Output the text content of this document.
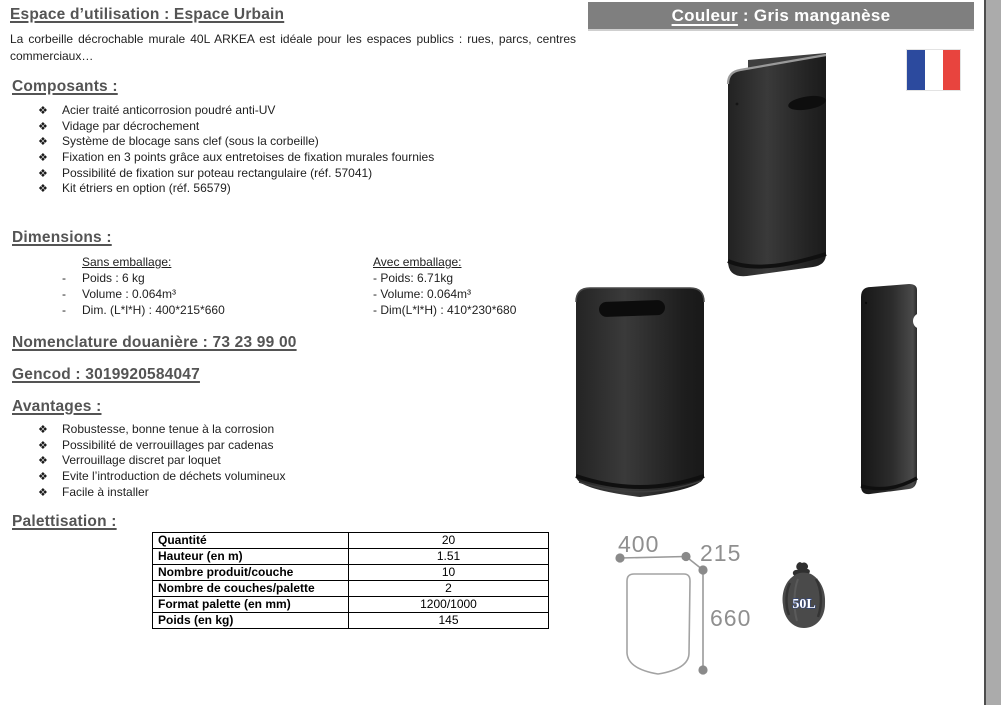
Espace d’utilisation : Espace Urbain
La corbeille décrochable murale 40L ARKEA est idéale pour les espaces publics : rues, parcs, centres commerciaux…
Composants :
❖ Acier traité anticorrosion poudré anti-UV
❖ Vidage par décrochement
❖ Système de blocage sans clef (sous la corbeille)
❖ Fixation en 3 points grâce aux entretoises de fixation murales fournies
❖ Possibilité de fixation sur poteau rectangulaire (réf. 57041)
❖ Kit étriers en option (réf. 56579)
Dimensions :
Sans emballage:
- Poids : 6 kg
- Volume : 0.064m³
- Dim. (L*l*H) : 400*215*660
Avec emballage:
- Poids: 6.71kg
- Volume: 0.064m³
- Dim(L*l*H) : 410*230*680
Nomenclature douanière : 73 23 99 00
Gencod : 3019920584047
Avantages :
❖ Robustesse, bonne tenue à la corrosion
❖ Possibilité de verrouillages par cadenas
❖ Verrouillage discret par loquet
❖ Evite l’introduction de déchets volumineux
❖ Facile à installer
Palettisation :
Quantité	20
Hauteur (en m)	1.51
Nombre produit/couche	10
Nombre de couches/palette	2
Format palette (en mm)	1200/1000
Poids (en kg)	145
Couleur : Gris manganèse
400 215
660
50L
